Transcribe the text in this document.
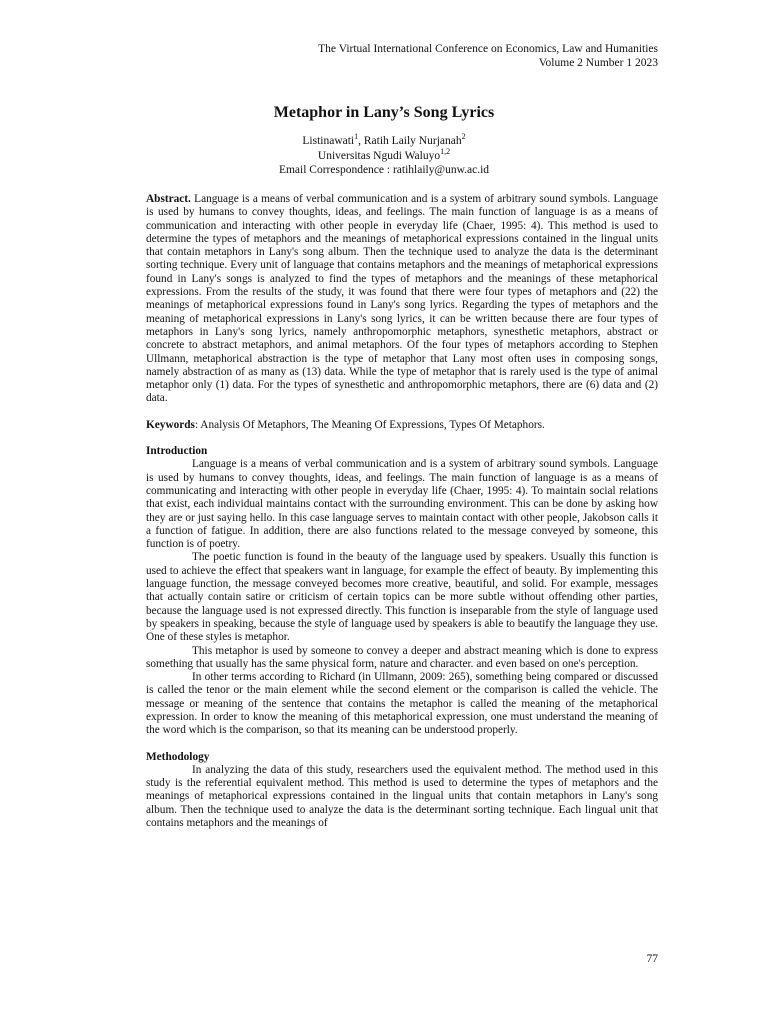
The Virtual International Conference on Economics, Law and Humanities
Volume 2 Number 1 2023
Metaphor in Lany’s Song Lyrics
Listinawati$^1$, Ratih Laily Nurjanah$^2$
Universitas Ngudi Waluyo$^{1,2}$
Email Correspondence : ratihlaily@unw.ac.id

Abstract. Language is a means of verbal communication and is a system of arbitrary sound symbols. Language is used by humans to convey thoughts, ideas, and feelings. The main function of language is as a means of communication and interacting with other people in everyday life (Chaer, 1995: 4). This method is used to determine the types of metaphors and the meanings of metaphorical expressions contained in the lingual units that contain metaphors in Lany's song album. Then the technique used to analyze the data is the determinant sorting technique. Every unit of language that contains metaphors and the meanings of metaphorical expressions found in Lany's songs is analyzed to find the types of metaphors and the meanings of these metaphorical expressions. From the results of the study, it was found that there were four types of metaphors and (22) the meanings of metaphorical expressions found in Lany's song lyrics. Regarding the types of metaphors and the meaning of metaphorical expressions in Lany's song lyrics, it can be written because there are four types of metaphors in Lany's song lyrics, namely anthropomorphic metaphors, synesthetic metaphors, abstract or concrete to abstract metaphors, and animal metaphors. Of the four types of metaphors according to Stephen Ullmann, metaphorical abstraction is the type of metaphor that Lany most often uses in composing songs, namely abstraction of as many as (13) data. While the type of metaphor that is rarely used is the type of animal metaphor only (1) data. For the types of synesthetic and anthropomorphic metaphors, there are (6) data and (2) data.

Keywords: Analysis Of Metaphors, The Meaning Of Expressions, Types Of Metaphors.

Introduction

Language is a means of verbal communication and is a system of arbitrary sound symbols. Language is used by humans to convey thoughts, ideas, and feelings. The main function of language is as a means of communicating and interacting with other people in everyday life (Chaer, 1995: 4). To maintain social relations that exist, each individual maintains contact with the surrounding environment. This can be done by asking how they are or just saying hello. In this case language serves to maintain contact with other people, Jakobson calls it a function of fatigue. In addition, there are also functions related to the message conveyed by someone, this function is of poetry.

The poetic function is found in the beauty of the language used by speakers. Usually this function is used to achieve the effect that speakers want in language, for example the effect of beauty. By implementing this language function, the message conveyed becomes more creative, beautiful, and solid. For example, messages that actually contain satire or criticism of certain topics can be more subtle without offending other parties, because the language used is not expressed directly. This function is inseparable from the style of language used by speakers in speaking, because the style of language used by speakers is able to beautify the language they use. One of these styles is metaphor.

This metaphor is used by someone to convey a deeper and abstract meaning which is done to express something that usually has the same physical form, nature and character. and even based on one's perception.

In other terms according to Richard (in Ullmann, 2009: 265), something being compared or discussed is called the tenor or the main element while the second element or the comparison is called the vehicle. The message or meaning of the sentence that contains the metaphor is called the meaning of the metaphorical expression. In order to know the meaning of this metaphorical expression, one must understand the meaning of the word which is the comparison, so that its meaning can be understood properly.

Methodology

In analyzing the data of this study, researchers used the equivalent method. The method used in this study is the referential equivalent method. This method is used to determine the types of metaphors and the meanings of metaphorical expressions contained in the lingual units that contain metaphors in Lany's song album. Then the technique used to analyze the data is the determinant sorting technique. Each lingual unit that contains metaphors and the meanings of

77
